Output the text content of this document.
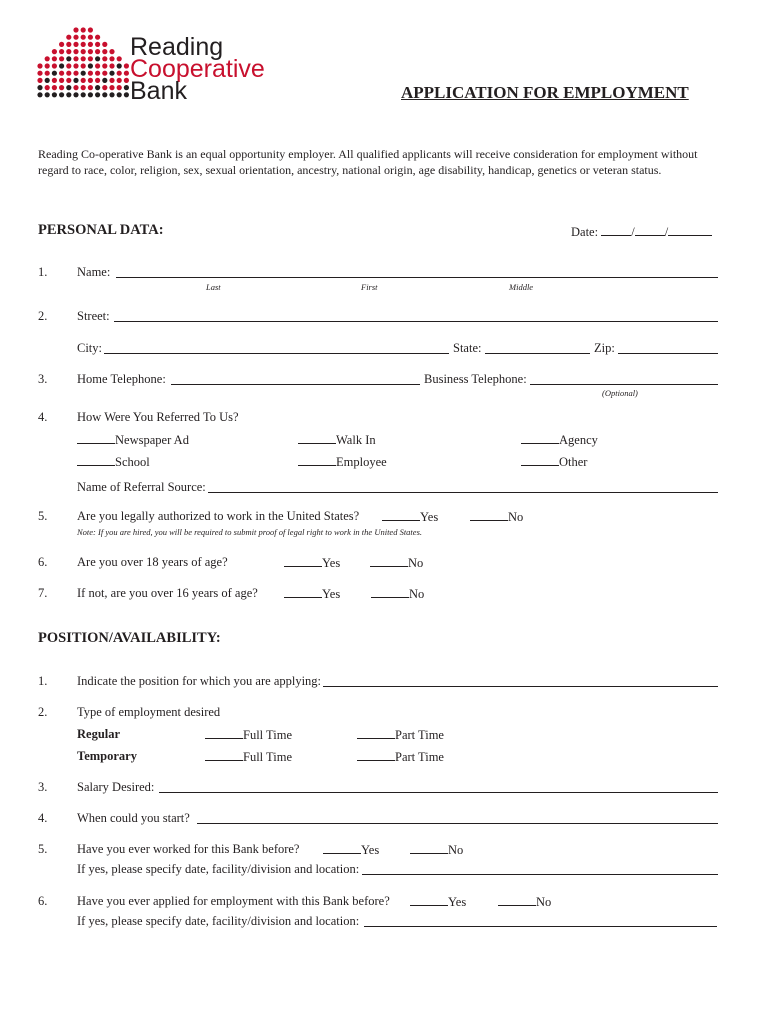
Reading
Cooperative
Bank	APPLICATION FOR EMPLOYMENT
Reading Co-operative Bank is an equal opportunity employer. All qualified applicants will receive consideration for employment without
regard to race, color, religion, sex, sexual orientation, ancestry, national origin, age disability, handicap, genetics or veteran status.
PERSONAL DATA:	Date:	/ /
1. Name:
Last	First	Middle
2. Street:
City:	State:	Zip:
3. Home Telephone:	Business Telephone:
(Optional)
4. How Were You Referred To Us?
Newspaper Ad	Walk In	Agency
School	Employee	Other
Name of Referral Source:
5. Are you legally authorized to work in the United States?	Yes	No
Note: If you are hired, you will be required to submit proof of legal right to work in the United States.
6. Are you over 18 years of age?	Yes	No
7. If not, are you over 16 years of age?	Yes	No
POSITION/AVAILABILITY:
1. Indicate the position for which you are applying:
2. Type of employment desired
Regular	Full Time	Part Time
Temporary	Full Time	Part Time
3. Salary Desired:
4. When could you start?
5. Have you ever worked for this Bank before?	Yes	No
If yes, please specify date, facility/division and location:
6. Have you ever applied for employment with this Bank before?	Yes	No
If yes, please specify date, facility/division and location:
